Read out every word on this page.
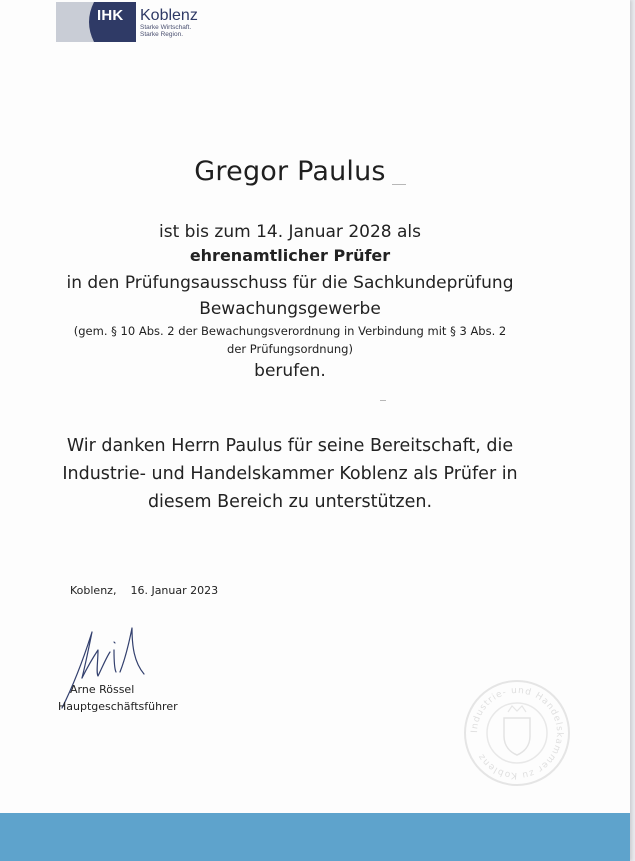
IHK Koblenz
Starke Wirtschaft.
Starke Region.
Gregor Paulus
ist bis zum 14. Januar 2028 als
ehrenamtlicher Prüfer
in den Prüfungsausschuss für die Sachkundeprüfung
Bewachungsgewerbe
(gem. § 10 Abs. 2 der Bewachungsverordnung in Verbindung mit § 3 Abs. 2
der Prüfungsordnung)
berufen.
Wir danken Herrn Paulus für seine Bereitschaft, die
Industrie- und Handelskammer Koblenz als Prüfer in
diesem Bereich zu unterstützen.
Koblenz, 16. Januar 2023
Arne Rössel
Hauptgeschäftsführer
Industrie- und Handelskammer zu Koblenz
